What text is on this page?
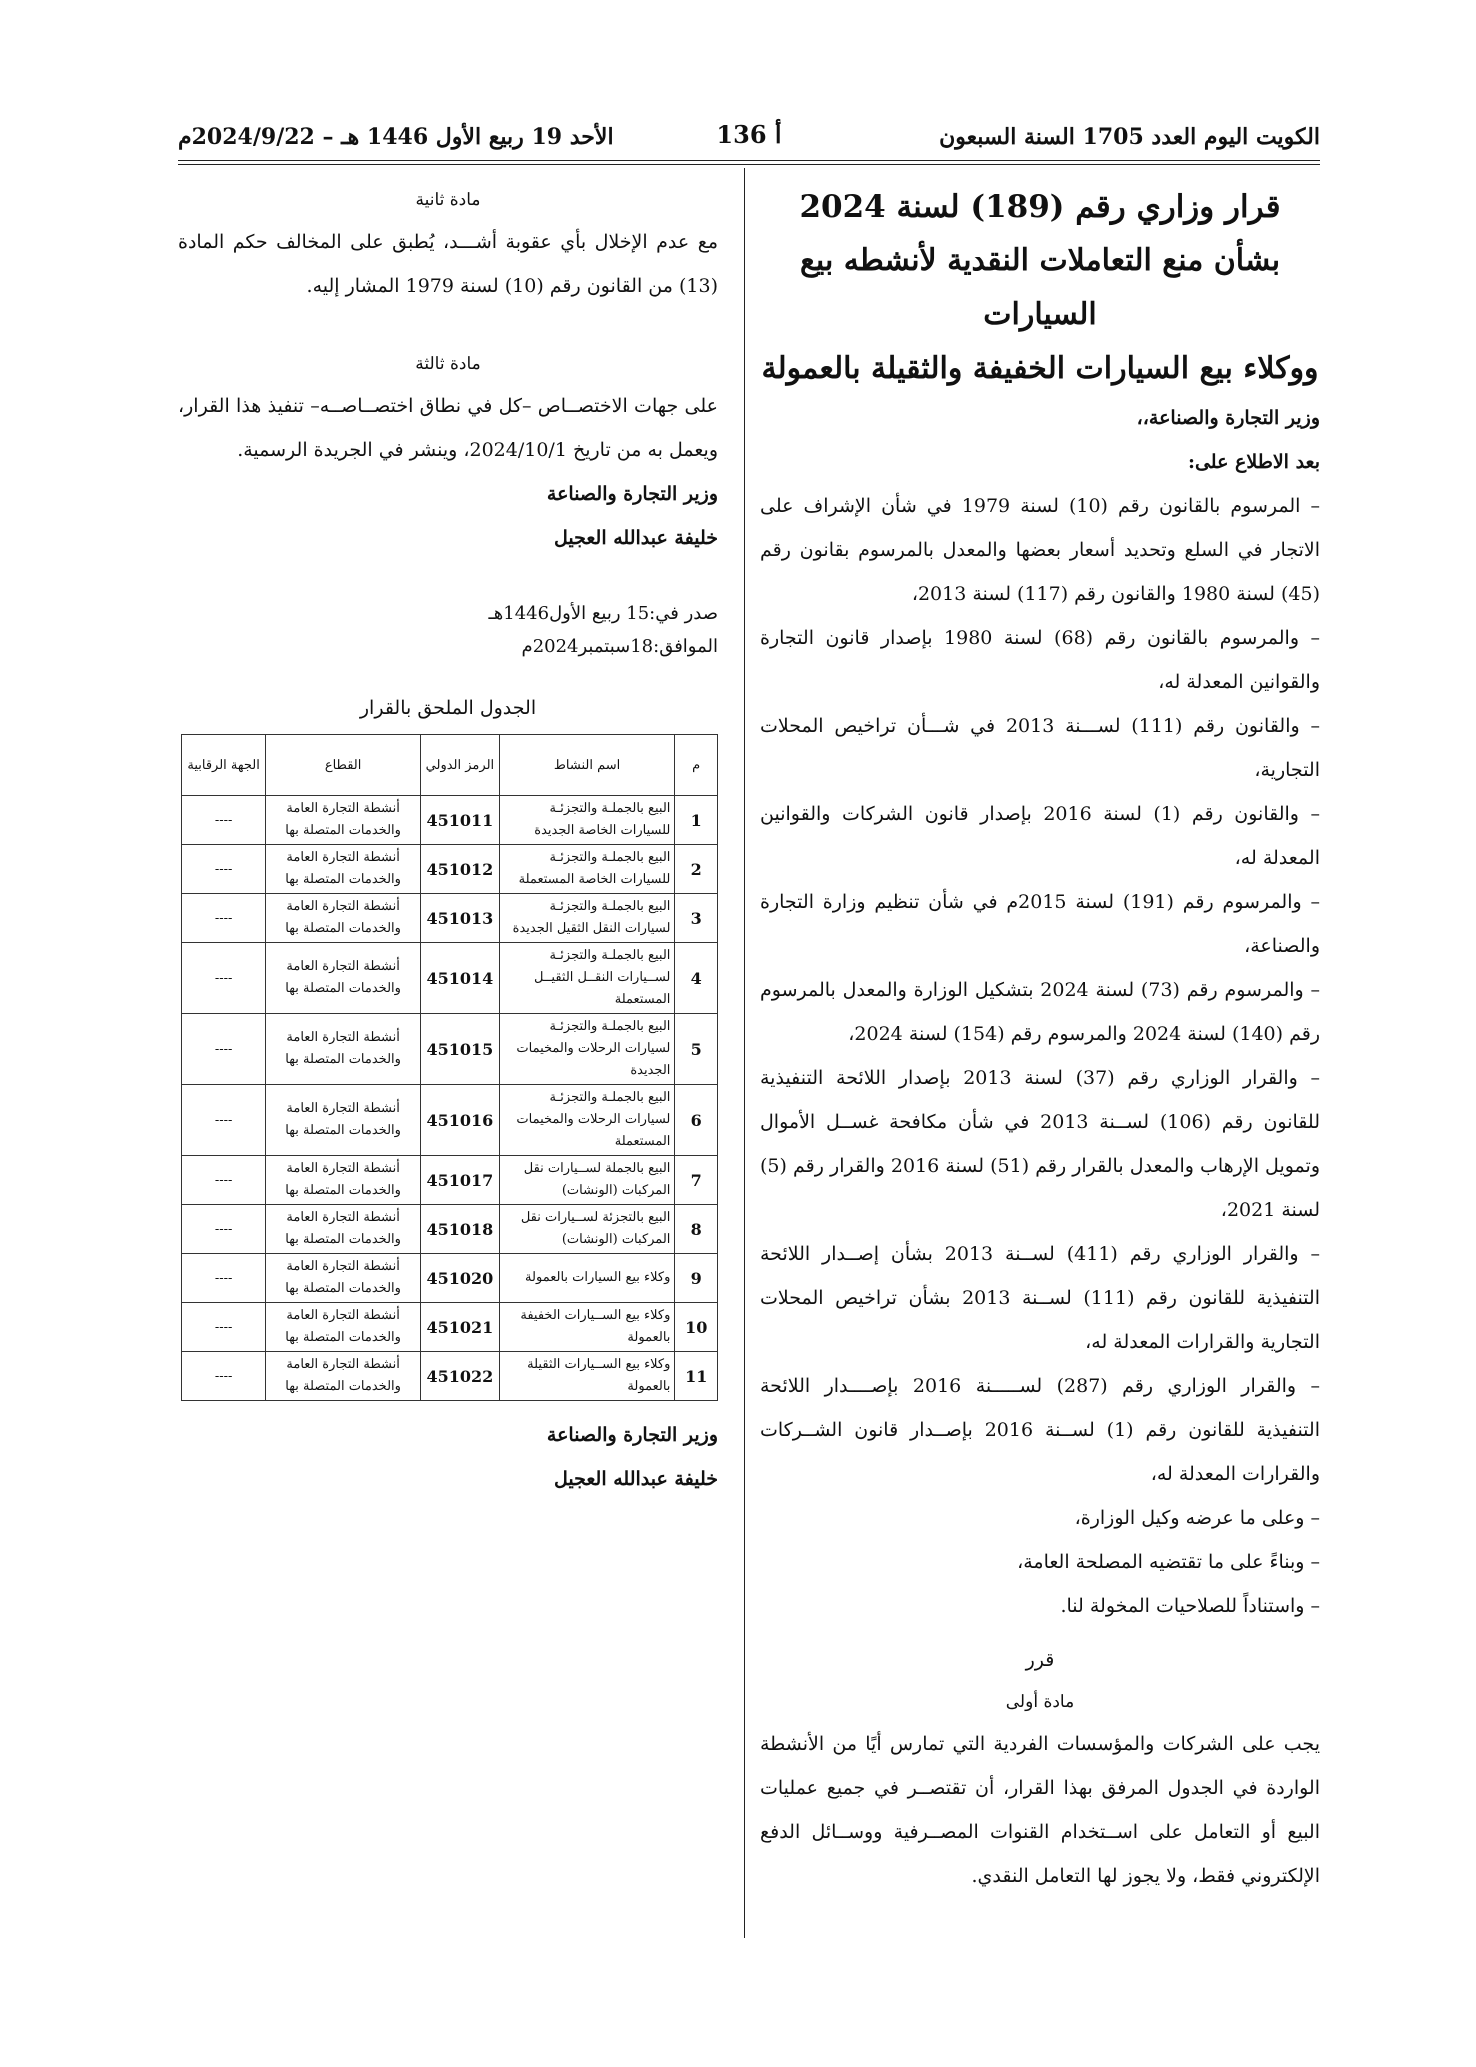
الكويت اليوم العدد 1705 السنة السبعون
أ 136
الأحد 19 ربيع الأول 1446 هـ – 2024/9/22م
قرار وزاري رقم (189) لسنة 2024
بشأن منع التعاملات النقدية لأنشطه بيع السيارات
ووكلاء بيع السيارات الخفيفة والثقيلة بالعمولة

وزير التجارة والصناعة،،

بعد الاطلاع على:

– المرسوم بالقانون رقم (10) لسنة 1979 في شأن الإشراف على الاتجار في السلع وتحديد أسعار بعضها والمعدل بالمرسوم بقانون رقم (45) لسنة 1980 والقانون رقم (117) لسنة 2013،

– والمرسوم بالقانون رقم (68) لسنة 1980 بإصدار قانون التجارة والقوانين المعدلة له،

– والقانون رقم (111) لســـنة 2013 في شـــأن تراخيص المحلات التجارية،

– والقانون رقم (1) لسنة 2016 بإصدار قانون الشركات والقوانين المعدلة له،

– والمرسوم رقم (191) لسنة 2015م في شأن تنظيم وزارة التجارة والصناعة،

– والمرسوم رقم (73) لسنة 2024 بتشكيل الوزارة والمعدل بالمرسوم رقم (140) لسنة 2024 والمرسوم رقم (154) لسنة 2024،

– والقرار الوزاري رقم (37) لسنة 2013 بإصدار اللائحة التنفيذية للقانون رقم (106) لســنة 2013 في شأن مكافحة غســل الأموال وتمويل الإرهاب والمعدل بالقرار رقم (51) لسنة 2016 والقرار رقم (5) لسنة 2021،

– والقرار الوزاري رقم (411) لســنة 2013 بشأن إصــدار اللائحة التنفيذية للقانون رقم (111) لســنة 2013 بشأن تراخيص المحلات التجارية والقرارات المعدلة له،

– والقرار الوزاري رقم (287) لســـــنة 2016 بإصــــدار اللائحة التنفيذية للقانون رقم (1) لســنة 2016 بإصــدار قانون الشــركات والقرارات المعدلة له،

– وعلى ما عرضه وكيل الوزارة،

– وبناءً على ما تقتضيه المصلحة العامة،

– واستناداً للصلاحيات المخولة لنا.

قرر

مادة أولى

يجب على الشركات والمؤسسات الفردية التي تمارس أيًا من الأنشطة الواردة في الجدول المرفق بهذا القرار، أن تقتصــر في جميع عمليات البيع أو التعامل على اســتخدام القنوات المصــرفية ووســائل الدفع الإلكتروني فقط، ولا يجوز لها التعامل النقدي.

مادة ثانية

مع عدم الإخلال بأي عقوبة أشـــد، يُطبق على المخالف حكم المادة (13) من القانون رقم (10) لسنة 1979 المشار إليه.

مادة ثالثة

على جهات الاختصــاص –كل في نطاق اختصــاصــه– تنفيذ هذا القرار، ويعمل به من تاريخ 2024/10/1، وينشر في الجريدة الرسمية.

وزير التجارة والصناعة

خليفة عبدالله العجيل

صدر في:15 ربيع الأول1446هـ

الموافق:18سبتمبر2024م

الجدول الملحق بالقرار

م	اسم النشاط	الرمز الدولي	القطاع	الجهة الرقابية
1	البيع بالجملـة والتجزئـة للسيارات الخاصة الجديدة	451011	أنشطة التجارة العامة والخدمات المتصلة بها	----
2	البيع بالجملـة والتجزئـة للسيارات الخاصة المستعملة	451012	أنشطة التجارة العامة والخدمات المتصلة بها	----
3	البيع بالجملـة والتجزئـة لسيارات النقل الثقيل الجديدة	451013	أنشطة التجارة العامة والخدمات المتصلة بها	----
4	البيع بالجملـة والتجزئـة لســيارات النقــل الثقيــل المستعملة	451014	أنشطة التجارة العامة والخدمات المتصلة بها	----
5	البيع بالجملـة والتجزئـة لسيارات الرحلات والمخيمات الجديدة	451015	أنشطة التجارة العامة والخدمات المتصلة بها	----
6	البيع بالجملـة والتجزئـة لسيارات الرحلات والمخيمات المستعملة	451016	أنشطة التجارة العامة والخدمات المتصلة بها	----
7	البيع بالجملة لســيارات نقل المركبات (الونشات)	451017	أنشطة التجارة العامة والخدمات المتصلة بها	----
8	البيع بالتجزئة لســيارات نقل المركبات (الونشات)	451018	أنشطة التجارة العامة والخدمات المتصلة بها	----
9	وكلاء بيع السيارات بالعمولة	451020	أنشطة التجارة العامة والخدمات المتصلة بها	----
10	وكلاء بيع الســيارات الخفيفة بالعمولة	451021	أنشطة التجارة العامة والخدمات المتصلة بها	----
11	وكلاء بيع الســيارات الثقيلة بالعمولة	451022	أنشطة التجارة العامة والخدمات المتصلة بها	----

وزير التجارة والصناعة

خليفة عبدالله العجيل
